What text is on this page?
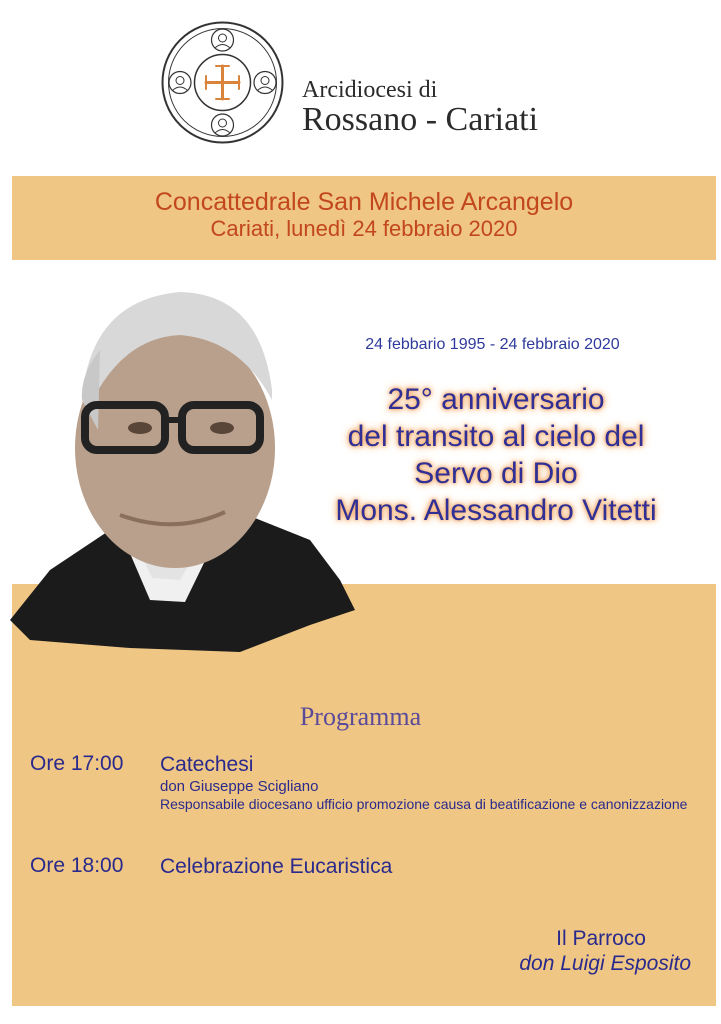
Arcidiocesi di
Rossano - Cariati
Concattedrale San Michele Arcangelo
Cariati, lunedì 24 febbraio 2020
24 febbario 1995 - 24 febbraio 2020
25° anniversario
del transito al cielo del
Servo di Dio
Mons. Alessandro Vitetti
Programma
Ore 17:00 Catechesi
don Giuseppe Scigliano
Responsabile diocesano ufficio promozione causa di beatificazione e canonizzazione
Ore 18:00 Celebrazione Eucaristica
Il Parroco
don Luigi Esposito
